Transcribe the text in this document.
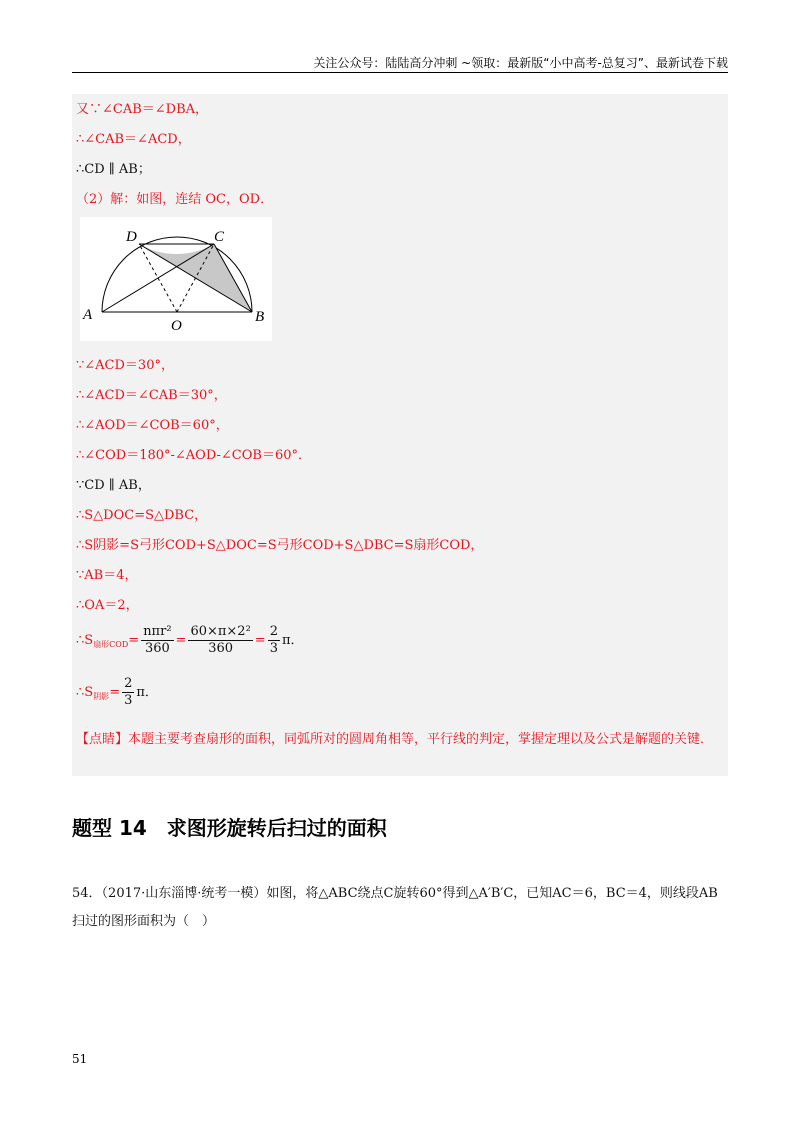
关注公众号：陆陆高分冲刺 ~领取：最新版“小中高考-总复习”、最新试卷下载
又∵∠CAB＝∠DBA，
∴∠CAB＝∠ACD，
∴CD ∥ AB；
（2）解：如图，连结 OC，OD．
D	C
A	B
O
∵∠ACD＝30°，
∴∠ACD＝∠CAB＝30°，
∴∠AOD＝∠COB＝60°，
∴∠COD＝180°-∠AOD-∠COB＝60°．
∵CD ∥ AB，
∴S△DOC=S△DBC，
∴S阴影=S弓形COD+S△DOC=S弓形COD+S△DBC=S扇形COD，
∵AB＝4，
∴OA＝2，
$\therefore S_{扇形COD}= \frac{\text{nπr²}}{360} = \frac{\text{60×π×2²}}{360} = \frac{2}{3}$ π．
$\therefore S_{阴影}= \frac{2}{3}$ π．
【点睛】本题主要考查扇形的面积，同弧所对的圆周角相等，平行线的判定，掌握定理以及公式是解题的关键．
题型 14　求图形旋转后扫过的面积
54．（2017·山东淄博·统考一模）如图，将△ABC绕点C旋转60°得到△A′B′C，已知AC＝6，BC＝4，则线段AB扫过的图形面积为（　）
51
